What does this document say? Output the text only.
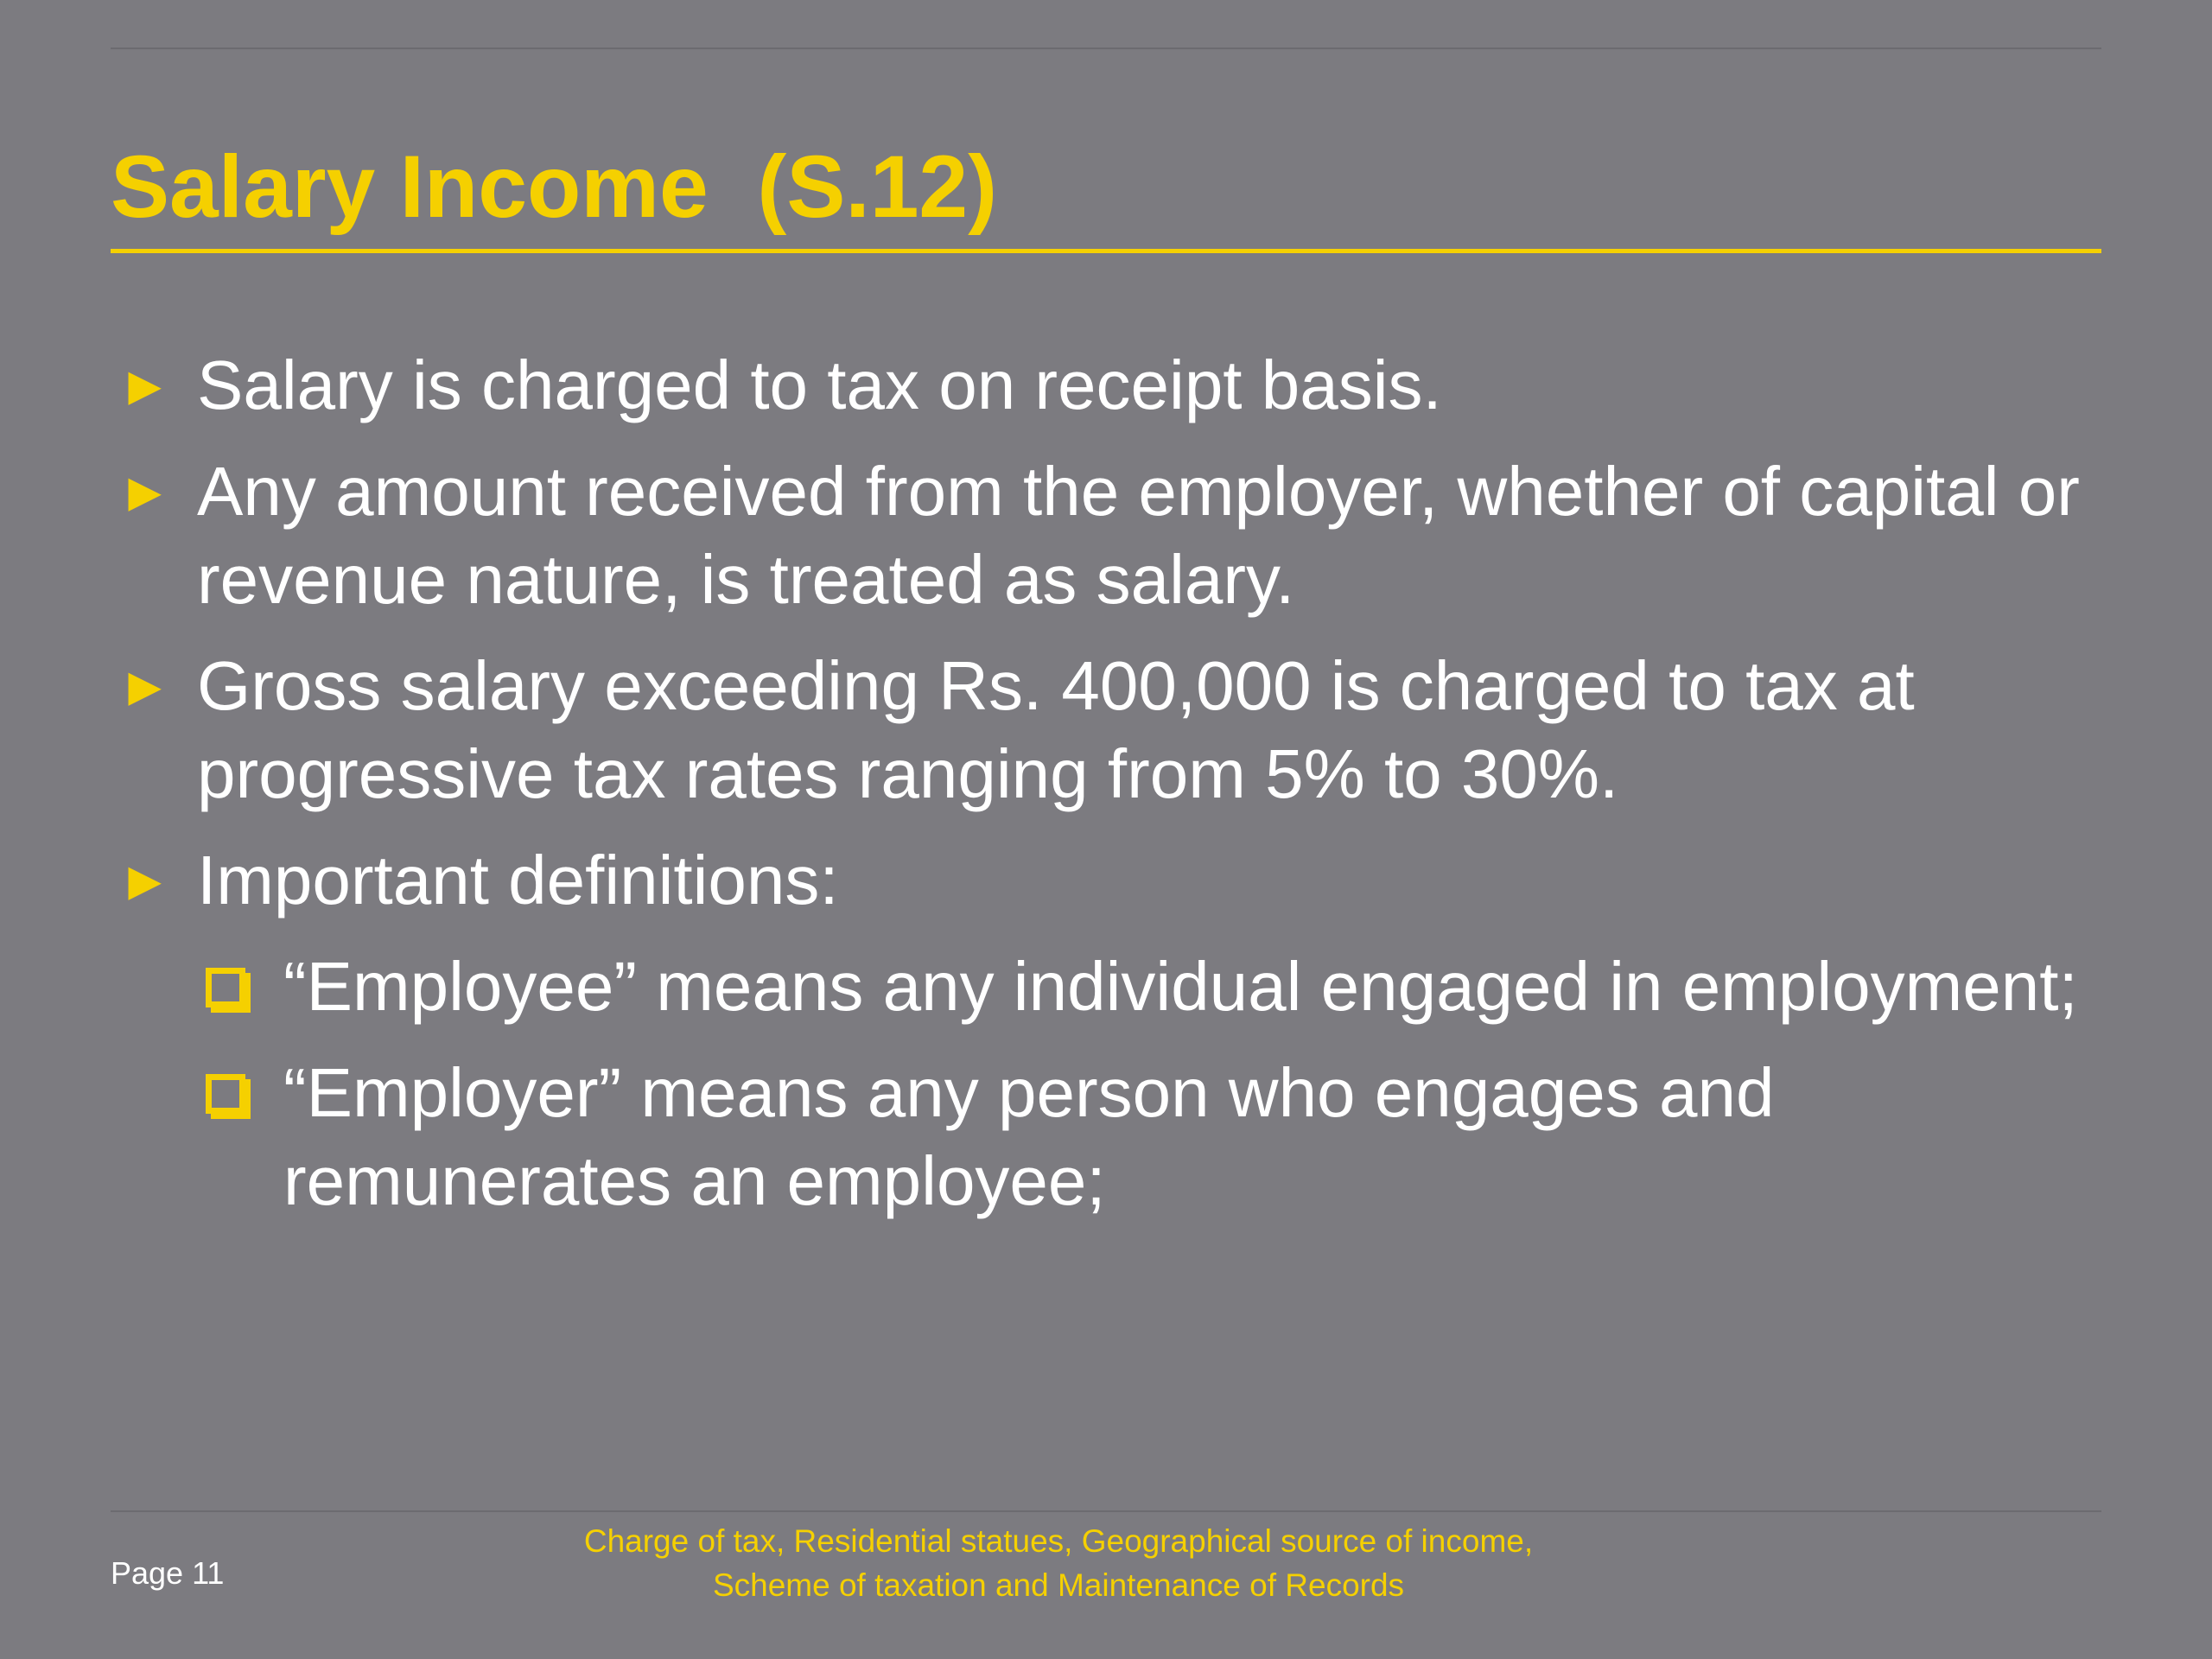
Salary Income  (S.12)
► Salary is charged to tax on receipt basis.
► Any amount received from the employer, whether of capital or revenue nature, is treated as salary.
► Gross salary exceeding Rs. 400,000 is charged to tax at progressive tax rates ranging from 5% to 30%.
► Important definitions:
“Employee” means any individual engaged in employment;
“Employer” means any person who engages and remunerates an employee;
Page 11
Charge of tax, Residential statues, Geographical source of income,
Scheme of taxation and Maintenance of Records
